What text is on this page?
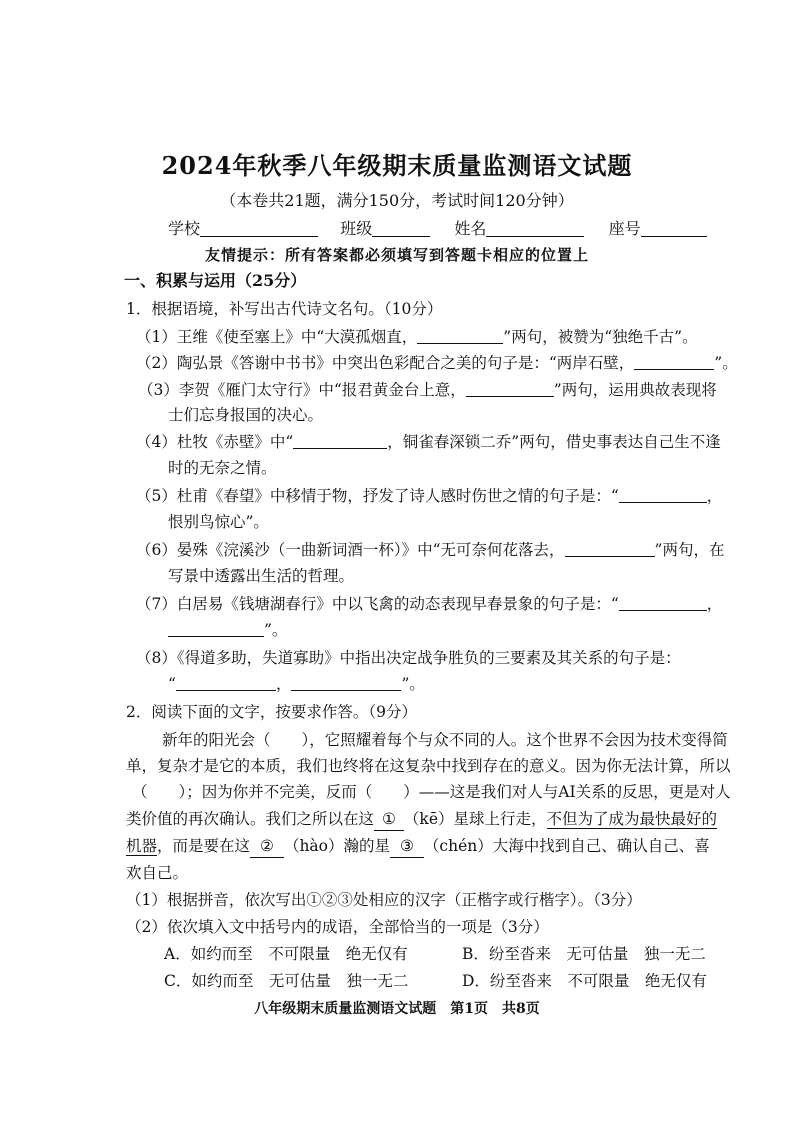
2024年秋季八年级期末质量监测语文试题
（本卷共21题，满分150分，考试时间120分钟）
学校	班级	姓名	座号
友情提示：所有答案都必须填写到答题卡相应的位置上
一、积累与运用（25分）
1．根据语境，补写出古代诗文名句。（10分）
（1）王维《使至塞上》中“大漠孤烟直，	”两句，被赞为“独绝千古”。
（2）陶弘景《答谢中书书》中突出色彩配合之美的句子是：“两岸石壁，	”。
（3）李贺《雁门太守行》中“报君黄金台上意，	”两句，运用典故表现将
士们忘身报国的决心。
（4）杜牧《赤壁》中“	，铜雀春深锁二乔”两句，借史事表达自己生不逢
时的无奈之情。
（5）杜甫《春望》中移情于物，抒发了诗人感时伤世之情的句子是：“	，
恨别鸟惊心”。
（6）晏殊《浣溪沙（一曲新词酒一杯）》中“无可奈何花落去，	”两句，在
写景中透露出生活的哲理。
（7）白居易《钱塘湖春行》中以飞禽的动态表现早春景象的句子是：“	，
”。
（8）《得道多助，失道寡助》中指出决定战争胜负的三要素及其关系的句子是：
“	，	”。
2．阅读下面的文字，按要求作答。（9分）
新年的阳光会（　　），它照耀着每个与众不同的人。这个世界不会因为技术变得简
单，复杂才是它的本质，我们也终将在这复杂中找到存在的意义。因为你无法计算，所以
（　　）；因为你并不完美，反而（　　）——这是我们对人与AI关系的反思，更是对人
类价值的再次确认。我们之所以在这 ① （kē）星球上行走，不但为了成为最快最好的
机器，而是要在这 ② （hào）瀚的星 ③ （chén）大海中找到自己、确认自己、喜
欢自己。
（1）根据拼音，依次写出①②③处相应的汉字（正楷字或行楷字）。（3分）
（2）依次填入文中括号内的成语，全部恰当的一项是（3分）
A．如约而至　不可限量　绝无仅有	B．纷至沓来　无可估量　独一无二
C．如约而至　无可估量　独一无二	D．纷至沓来　不可限量　绝无仅有
八年级期末质量监测语文试题　第1页　共8页
